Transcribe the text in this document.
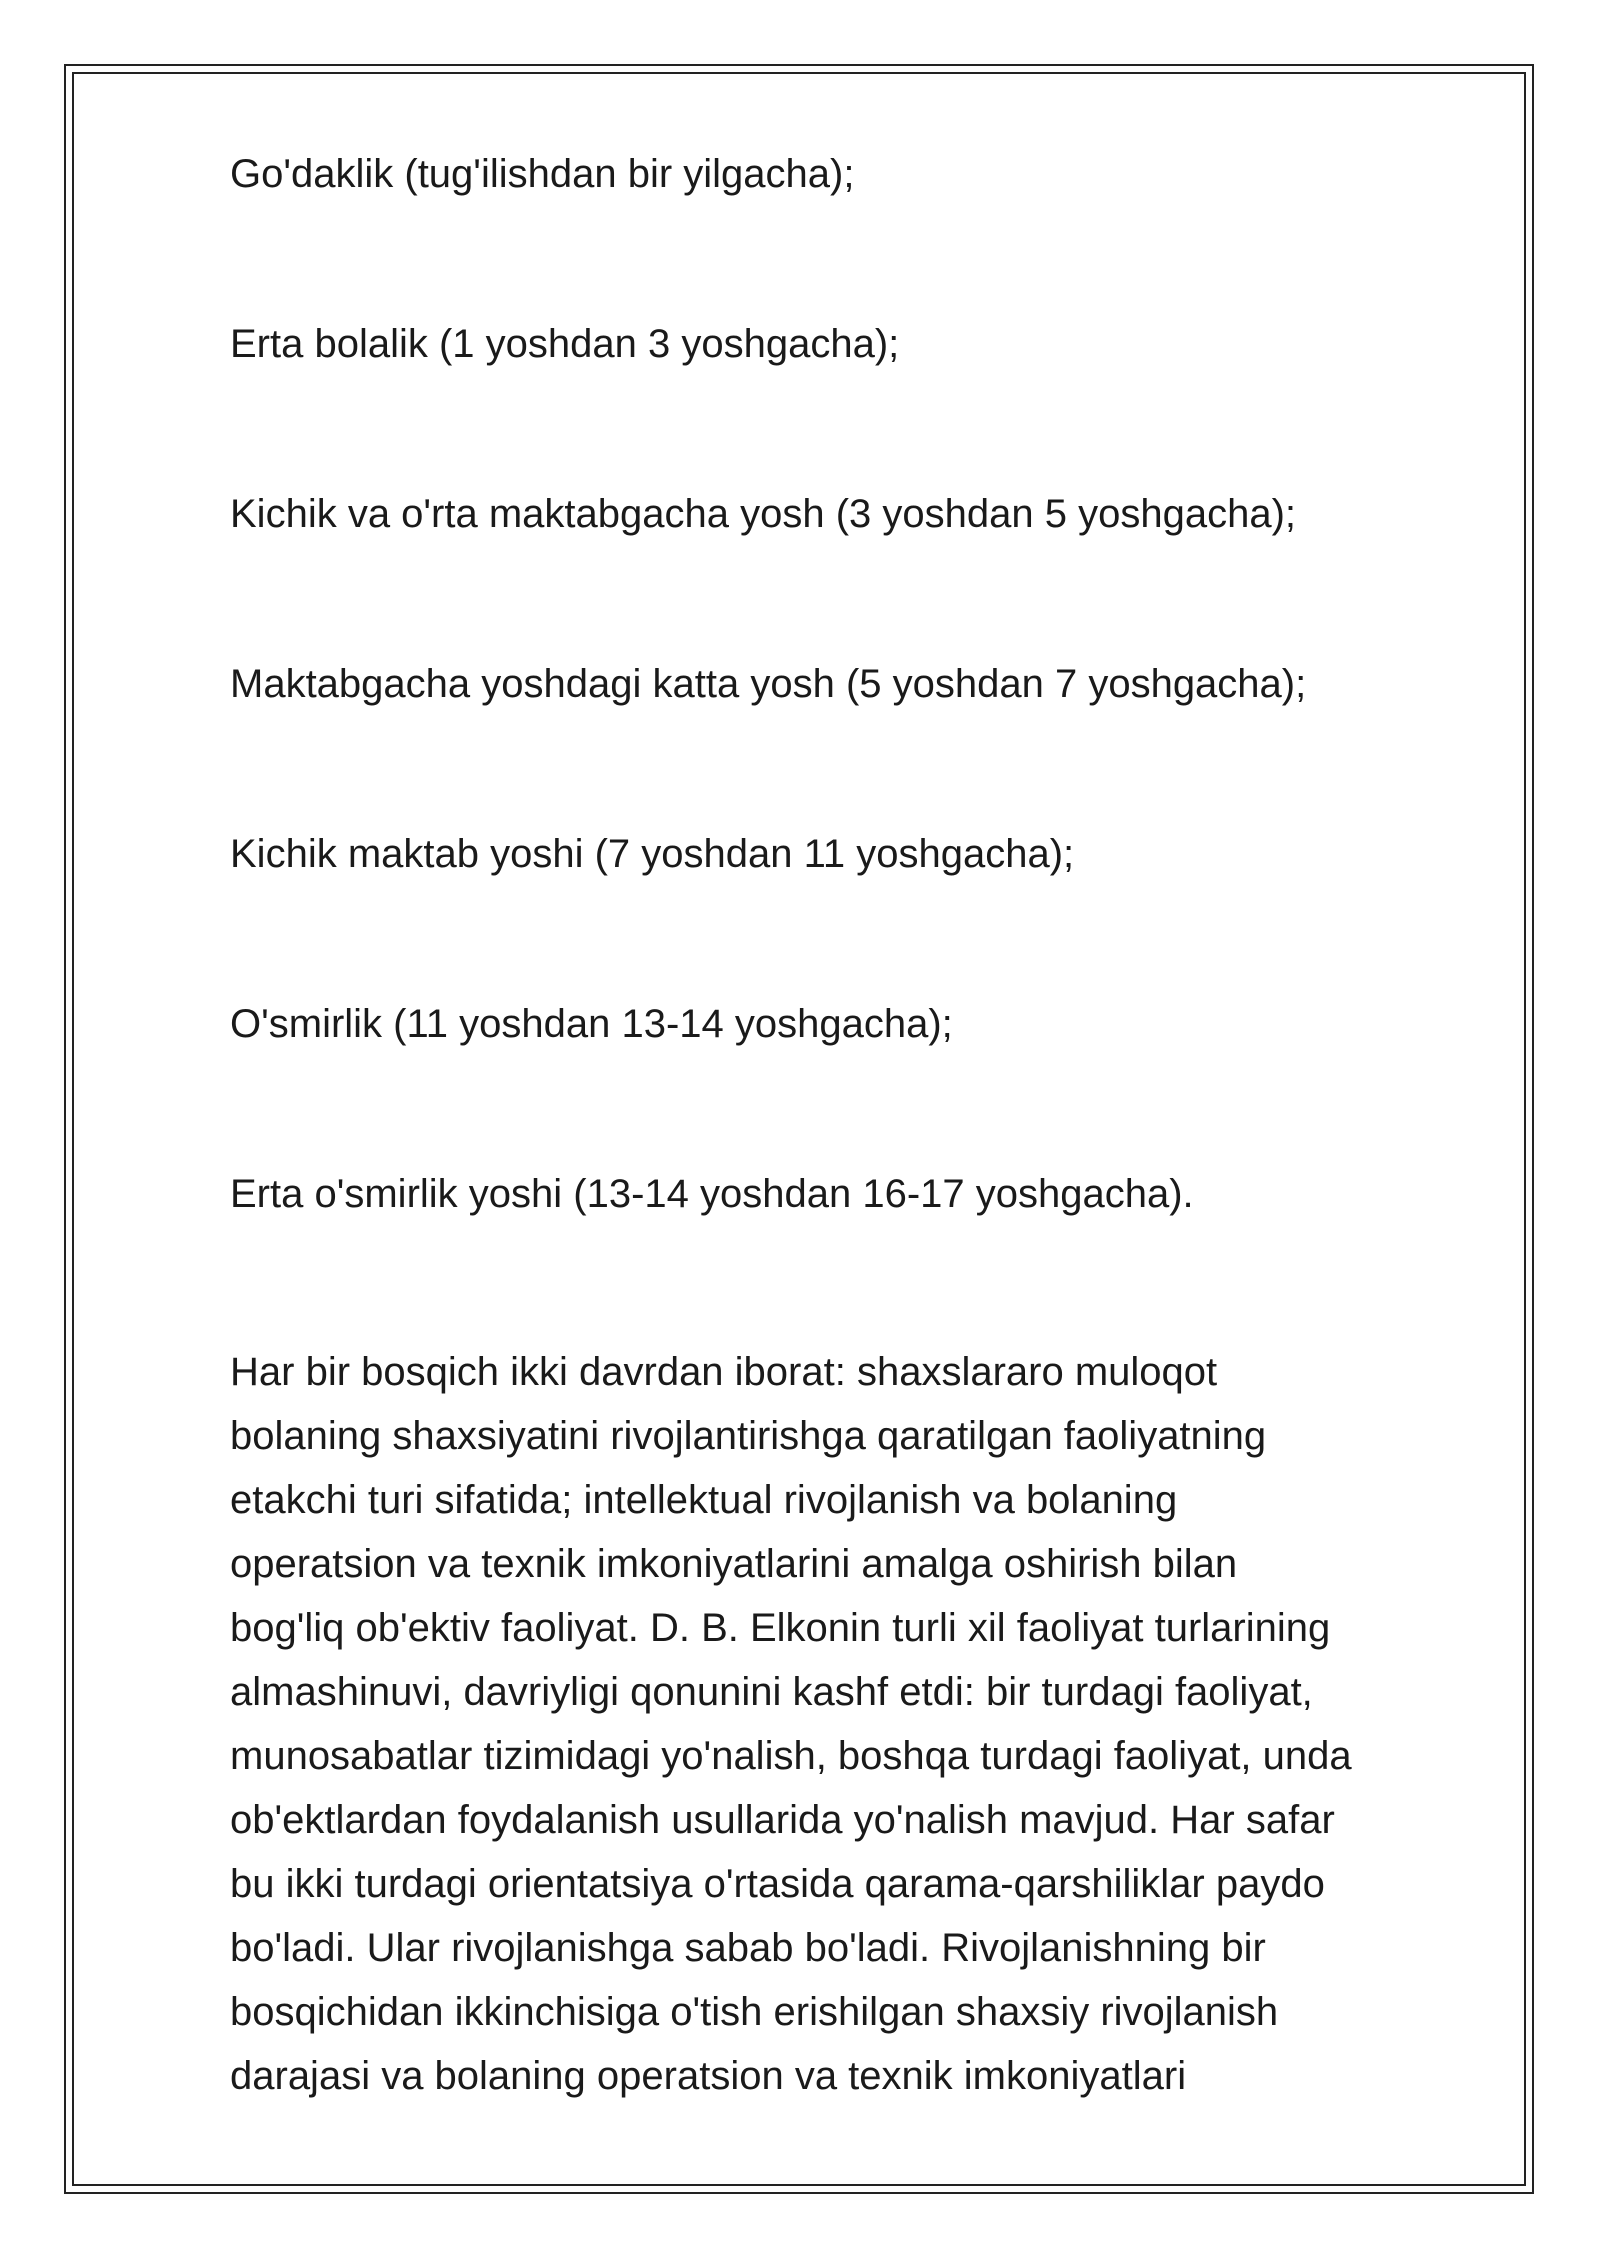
Go'daklik (tug'ilishdan bir yilgacha);

Erta bolalik (1 yoshdan 3 yoshgacha);

Kichik va o'rta maktabgacha yosh (3 yoshdan 5 yoshgacha);

Maktabgacha yoshdagi katta yosh (5 yoshdan 7 yoshgacha);

Kichik maktab yoshi (7 yoshdan 11 yoshgacha);

O'smirlik (11 yoshdan 13-14 yoshgacha);

Erta o'smirlik yoshi (13-14 yoshdan 16-17 yoshgacha).

Har bir bosqich ikki davrdan iborat: shaxslararo muloqot
bolaning shaxsiyatini rivojlantirishga qaratilgan faoliyatning
etakchi turi sifatida; intellektual rivojlanish va bolaning
operatsion va texnik imkoniyatlarini amalga oshirish bilan
bog'liq ob'ektiv faoliyat. D. B. Elkonin turli xil faoliyat turlarining
almashinuvi, davriyligi qonunini kashf etdi: bir turdagi faoliyat,
munosabatlar tizimidagi yo'nalish, boshqa turdagi faoliyat, unda
ob'ektlardan foydalanish usullarida yo'nalish mavjud. Har safar
bu ikki turdagi orientatsiya o'rtasida qarama-qarshiliklar paydo
bo'ladi. Ular rivojlanishga sabab bo'ladi. Rivojlanishning bir
bosqichidan ikkinchisiga o'tish erishilgan shaxsiy rivojlanish
darajasi va bolaning operatsion va texnik imkoniyatlari
